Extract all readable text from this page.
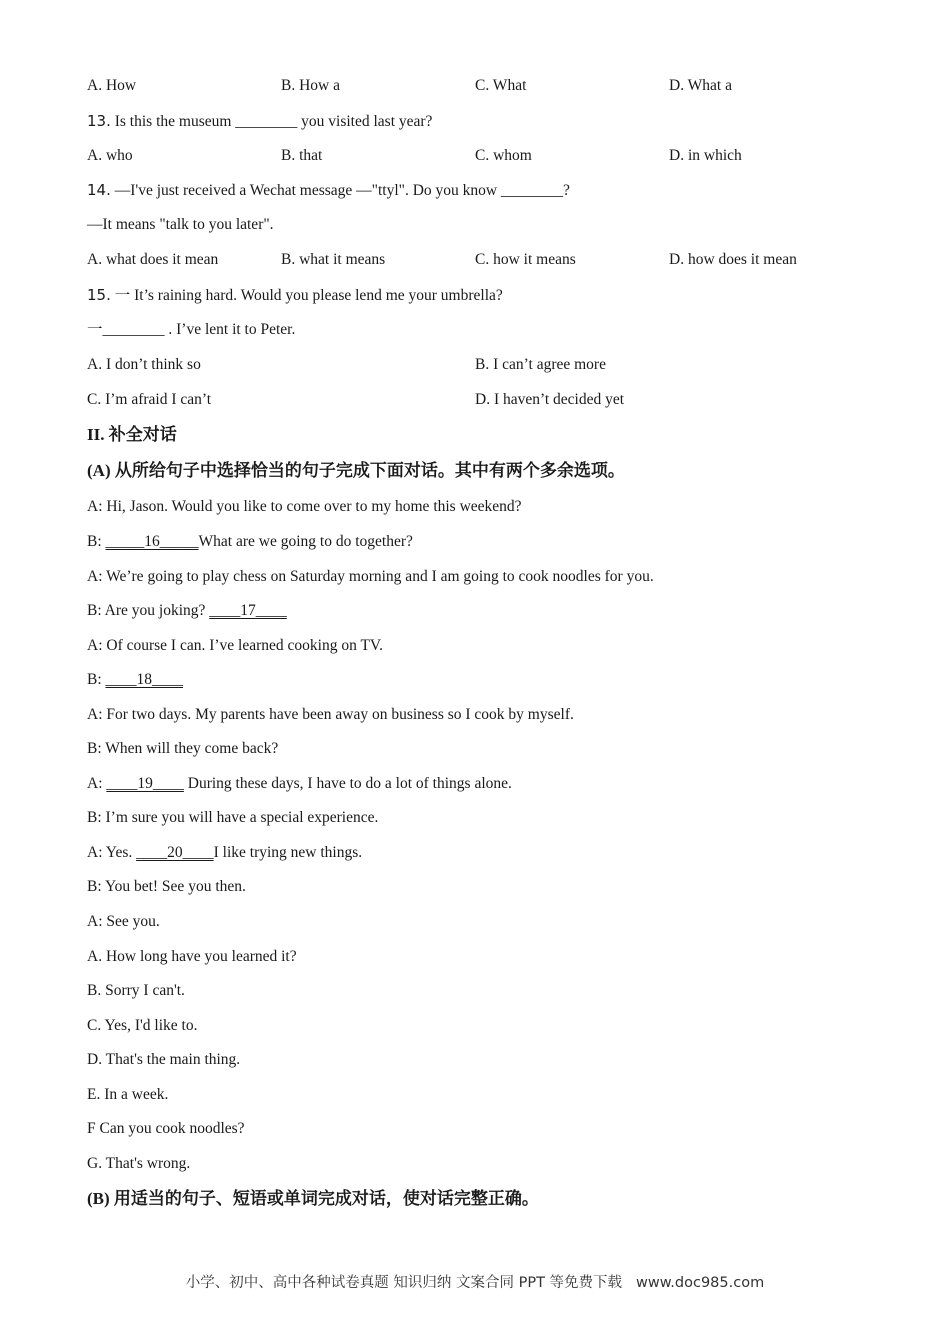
A. How	B. How a	C. What	D. What a
13. Is this the museum ________ you visited last year?
A. who	B. that	C. whom	D. in which
14. —I've just received a Wechat message —"ttyl". Do you know ________?
—It means "talk to you later".
A. what does it mean	B. what it means	C. how it means	D. how does it mean
15. 一 It’s raining hard. Would you please lend me your umbrella?
一________ . I’ve lent it to Peter.
A. I don’t think so	B. I can’t agree more
C. I’m afraid I can’t	D. I haven’t decided yet
II. 补全对话
(A) 从所给句子中选择恰当的句子完成下面对话。其中有两个多余选项。
A: Hi, Jason. Would you like to come over to my home this weekend?
B: _____16_____What are we going to do together?
A: We’re going to play chess on Saturday morning and I am going to cook noodles for you.
B: Are you joking? ____17____
A: Of course I can. I’ve learned cooking on TV.
B: ____18____
A: For two days. My parents have been away on business so I cook by myself.
B: When will they come back?
A: ____19____ During these days, I have to do a lot of things alone.
B: I’m sure you will have a special experience.
A: Yes. ____20____I like trying new things.
B: You bet! See you then.
A: See you.
A. How long have you learned it?
B. Sorry I can't.
C. Yes, I'd like to.
D. That's the main thing.
E. In a week.
F Can you cook noodles?
G. That's wrong.
(B) 用适当的句子、短语或单词完成对话，使对话完整正确。
小学、初中、高中各种试卷真题 知识归纳 文案合同 PPT 等免费下载 www.doc985.com
